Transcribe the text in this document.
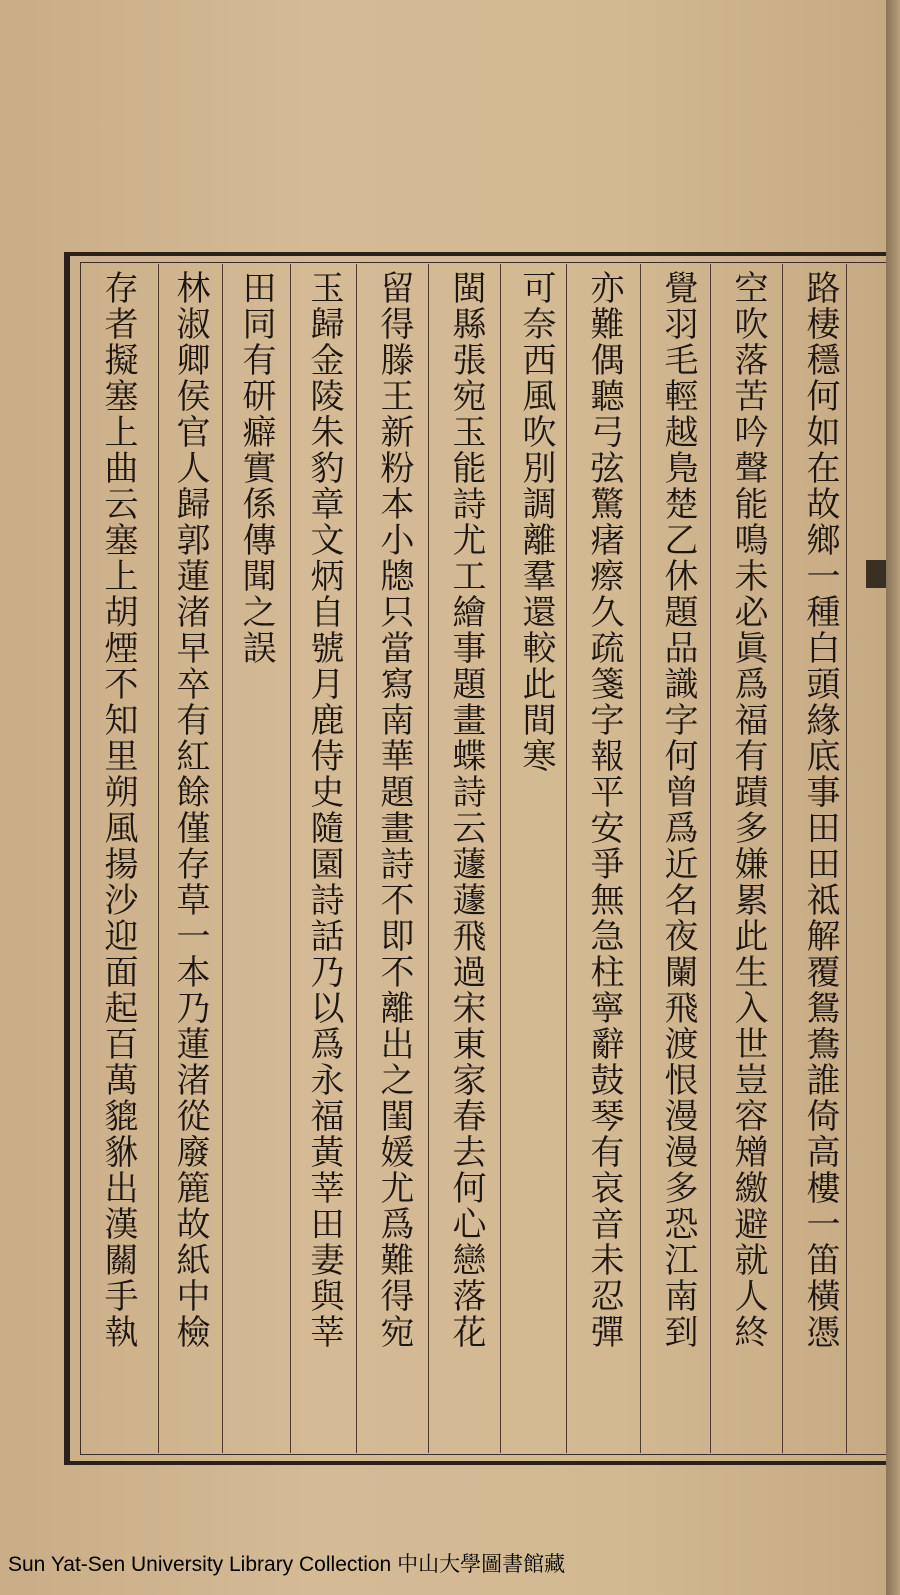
路棲穩何如在故鄉一種白頭緣底事田田祗解覆鴛鴦誰倚高樓一笛橫憑
空吹落苦吟聲能鳴未必眞爲福有蹟多嫌累此生入世豈容矰繳避就人終
覺羽毛輕越鳬楚乙休題品識字何曾爲近名夜闌飛渡恨漫漫多恐江南到
亦難偶聽弓弦驚瘏瘵久疏箋字報平安爭無急柱寧辭鼓琴有哀音未忍彈
可奈西風吹別調離羣還較此間寒
閩縣張宛玉能詩尤工繪事題畫蝶詩云蘧蘧飛過宋東家春去何心戀落花
留得滕王新粉本小牕只當寫南華題畫詩不即不離出之閨媛尤爲難得宛
玉歸金陵朱豹章文炳自號月鹿侍史隨園詩話乃以爲永福黃莘田妻與莘
田同有研癖實係傳聞之誤
林淑卿侯官人歸郭蓮渚早卒有紅餘僅存草一本乃蓮渚從廢簏故紙中檢
存者擬塞上曲云塞上胡煙不知里朔風揚沙迎面起百萬貔貅出漢關手執
Sun Yat-Sen University Library Collection 中山大學圖書館藏
